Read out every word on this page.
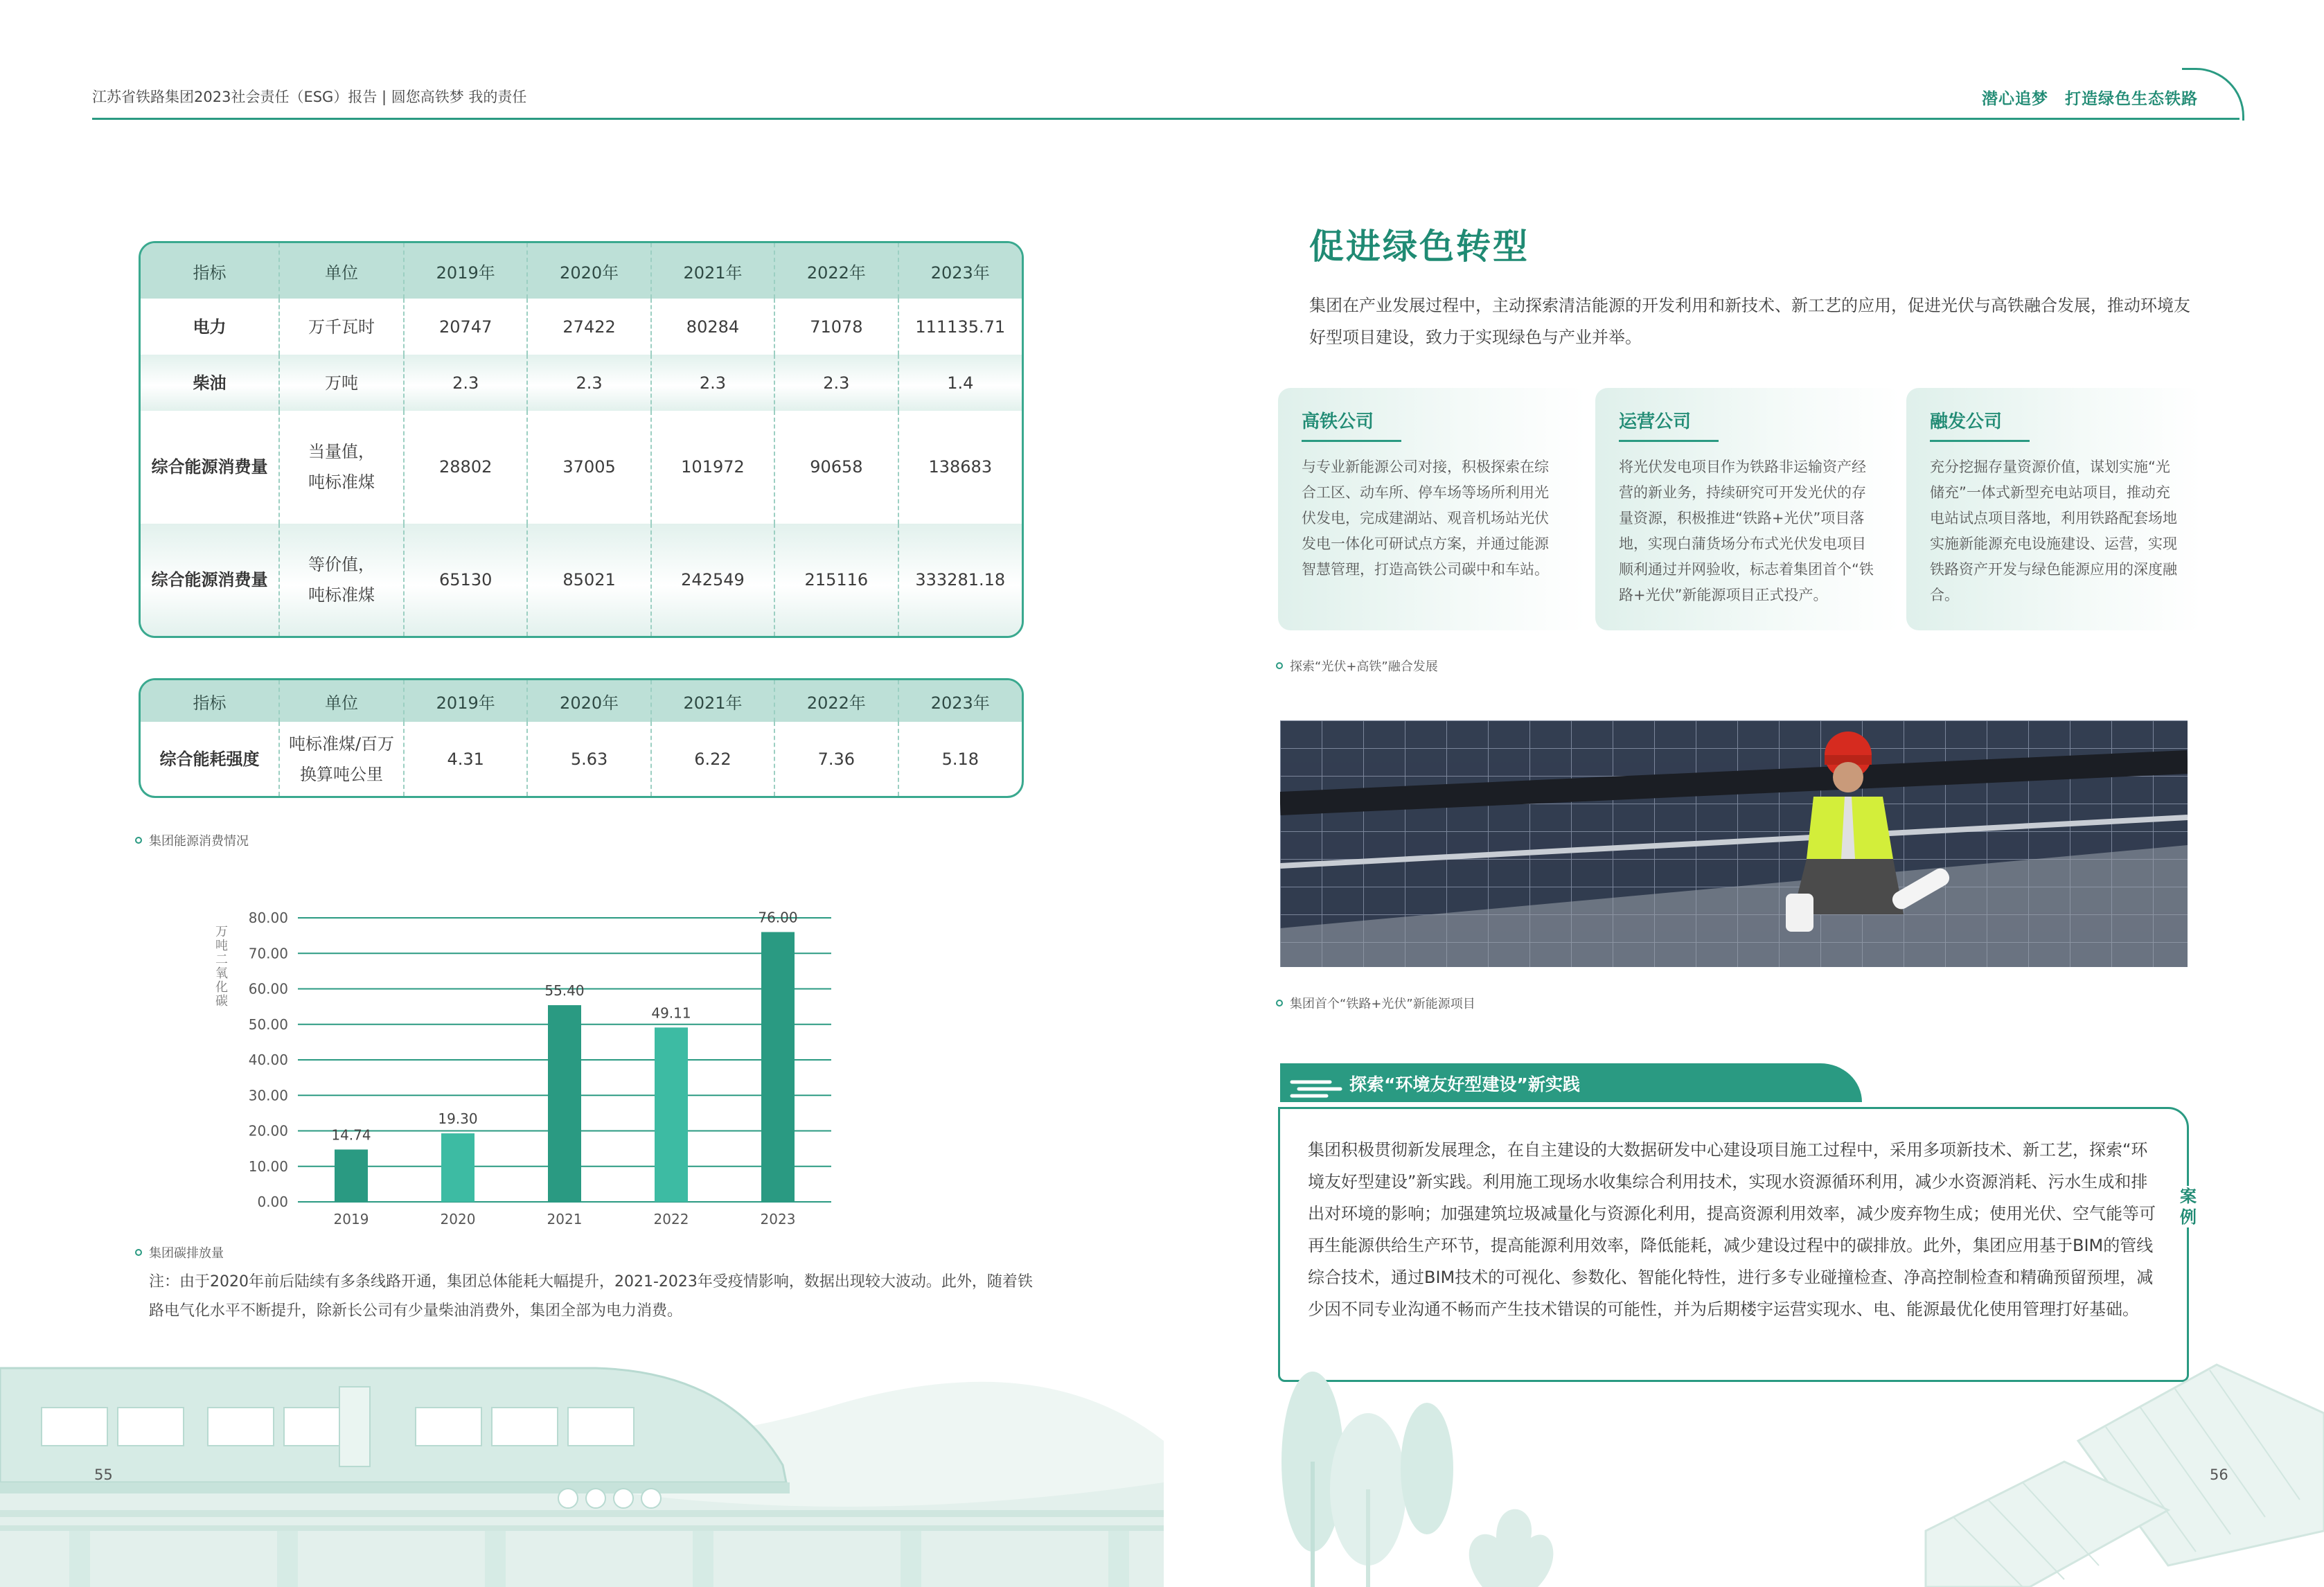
江苏省铁路集团2023社会责任（ESG）报告 | 圆您高铁梦 我的责任	潜心追梦　打造绿色生态铁路
指标	单位	2019年	2020年	2021年	2022年	2023年
电力	万千瓦时	20747	27422	80284	71078	111135.71
柴油	万吨	2.3	2.3	2.3	2.3	1.4
综合能源消费量	当量值，
吨标准煤	28802	37005	101972	90658	138683
综合能源消费量	等价值，
吨标准煤	65130	85021	242549	215116	333281.18
指标	单位	2019年	2020年	2021年	2022年	2023年
综合能耗强度	吨标准煤/百万
换算吨公里	4.31	5.63	6.22	7.36	5.18
集团能源消费情况
万吨二氧化碳
0.00
10.00
20.00
30.00
40.00
50.00
60.00
70.00
80.00
14.74
2019
19.30
2020
55.40
2021
49.11
2022
76.00
2023
集团碳排放量
注：由于2020年前后陆续有多条线路开通，集团总体能耗大幅提升，2021-2023年受疫情影响，数据出现较大波动。此外，随着铁路电气化水平不断提升，除新长公司有少量柴油消费外，集团全部为电力消费。
55
促进绿色转型
集团在产业发展过程中，主动探索清洁能源的开发利用和新技术、新工艺的应用，促进光伏与高铁融合发展，推动环境友好型项目建设，致力于实现绿色与产业并举。
高铁公司

与专业新能源公司对接，积极探索在综合工区、动车所、停车场等场所利用光伏发电，完成建湖站、观音机场站光伏发电一体化可研试点方案，并通过能源智慧管理，打造高铁公司碳中和车站。

运营公司

将光伏发电项目作为铁路非运输资产经营的新业务，持续研究可开发光伏的存量资源，积极推进“铁路+光伏”项目落地，实现白蒲货场分布式光伏发电项目顺利通过并网验收，标志着集团首个“铁路+光伏”新能源项目正式投产。

融发公司

充分挖掘存量资源价值，谋划实施“光储充”一体式新型充电站项目，推动充电站试点项目落地，利用铁路配套场地实施新能源充电设施建设、运营，实现铁路资产开发与绿色能源应用的深度融合。

探索“光伏+高铁”融合发展
集团首个“铁路+光伏”新能源项目
探索“环境友好型建设”新实践

集团积极贯彻新发展理念，在自主建设的大数据研发中心建设项目施工过程中，采用多项新技术、新工艺，探索“环境友好型建设”新实践。利用施工现场水收集综合利用技术，实现水资源循环利用，减少水资源消耗、污水生成和排出对环境的影响；加强建筑垃圾减量化与资源化利用，提高资源利用效率，减少废弃物生成；使用光伏、空气能等可再生能源供给生产环节，提高能源利用效率，降低能耗，减少建设过程中的碳排放。此外，集团应用基于BIM的管线综合技术，通过BIM技术的可视化、参数化、智能化特性，进行多专业碰撞检查、净高控制检查和精确预留预埋，减少因不同专业沟通不畅而产生技术错误的可能性，并为后期楼宇运营实现水、电、能源最优化使用管理打好基础。

案例
56
